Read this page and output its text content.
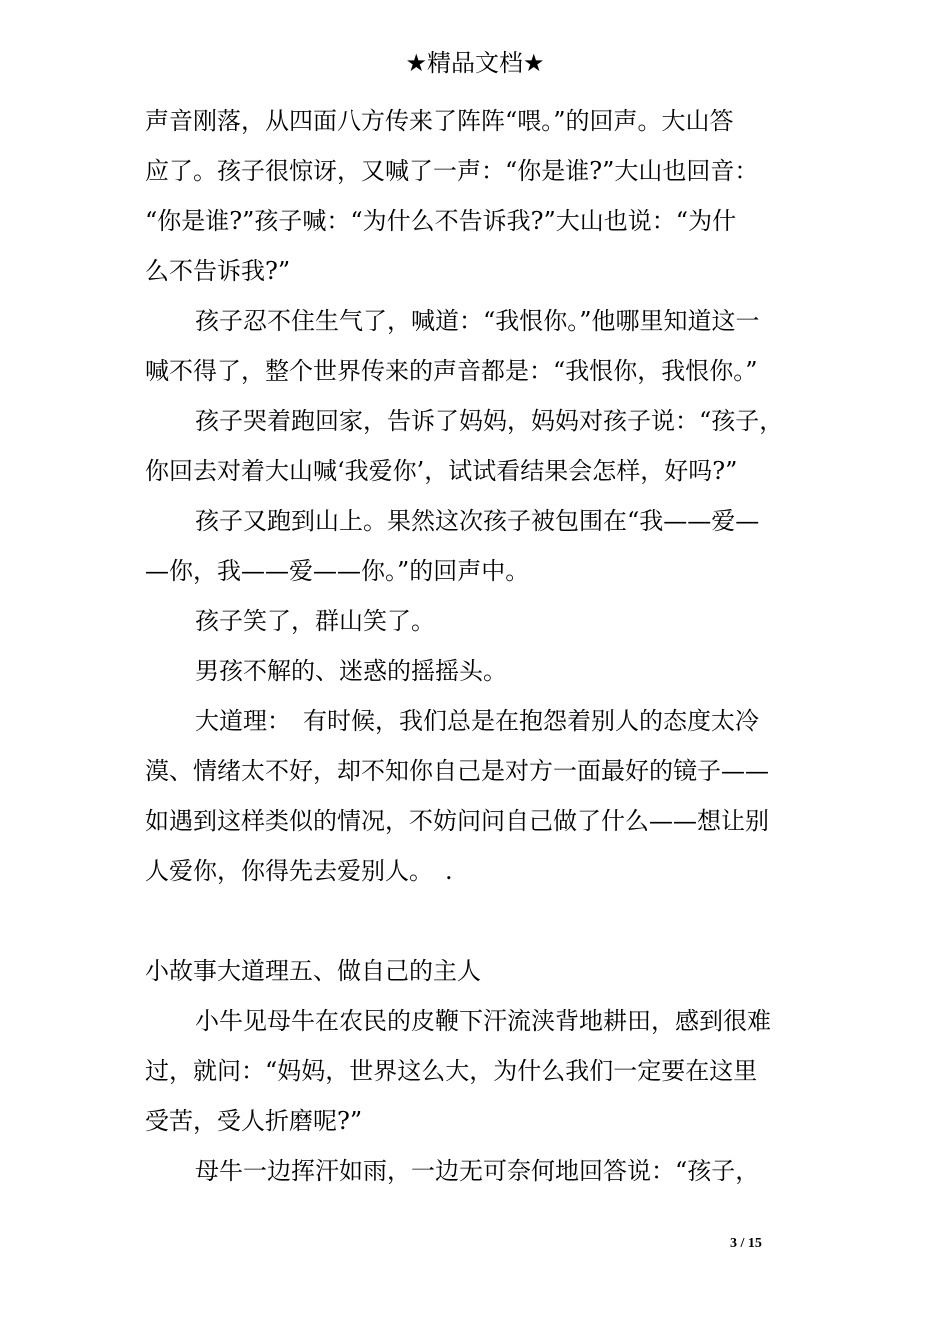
★精品文档★
声音刚落，从四面八方传来了阵阵“喂。”的回声。大山答
应了。孩子很惊讶，又喊了一声：“你是谁?”大山也回音：
“你是谁?”孩子喊：“为什么不告诉我?”大山也说：“为什
么不告诉我?”
孩子忍不住生气了，喊道：“我恨你。”他哪里知道这一
喊不得了，整个世界传来的声音都是：“我恨你，我恨你。”
孩子哭着跑回家，告诉了妈妈，妈妈对孩子说：“孩子，
你回去对着大山喊‘我爱你’，试试看结果会怎样，好吗?”
孩子又跑到山上。果然这次孩子被包围在“我——爱—
—你，我——爱——你。”的回声中。
孩子笑了，群山笑了。
男孩不解的、迷惑的摇摇头。
大道理：　有时候，我们总是在抱怨着别人的态度太冷
漠、情绪太不好，却不知你自己是对方一面最好的镜子——
如遇到这样类似的情况，不妨问问自己做了什么——想让别
人爱你，你得先去爱别人。　.
小故事大道理五、做自己的主人
小牛见母牛在农民的皮鞭下汗流浃背地耕田，感到很难
过，就问：“妈妈，世界这么大，为什么我们一定要在这里
受苦，受人折磨呢?”
母牛一边挥汗如雨，一边无可奈何地回答说：“孩子，
3 / 15
